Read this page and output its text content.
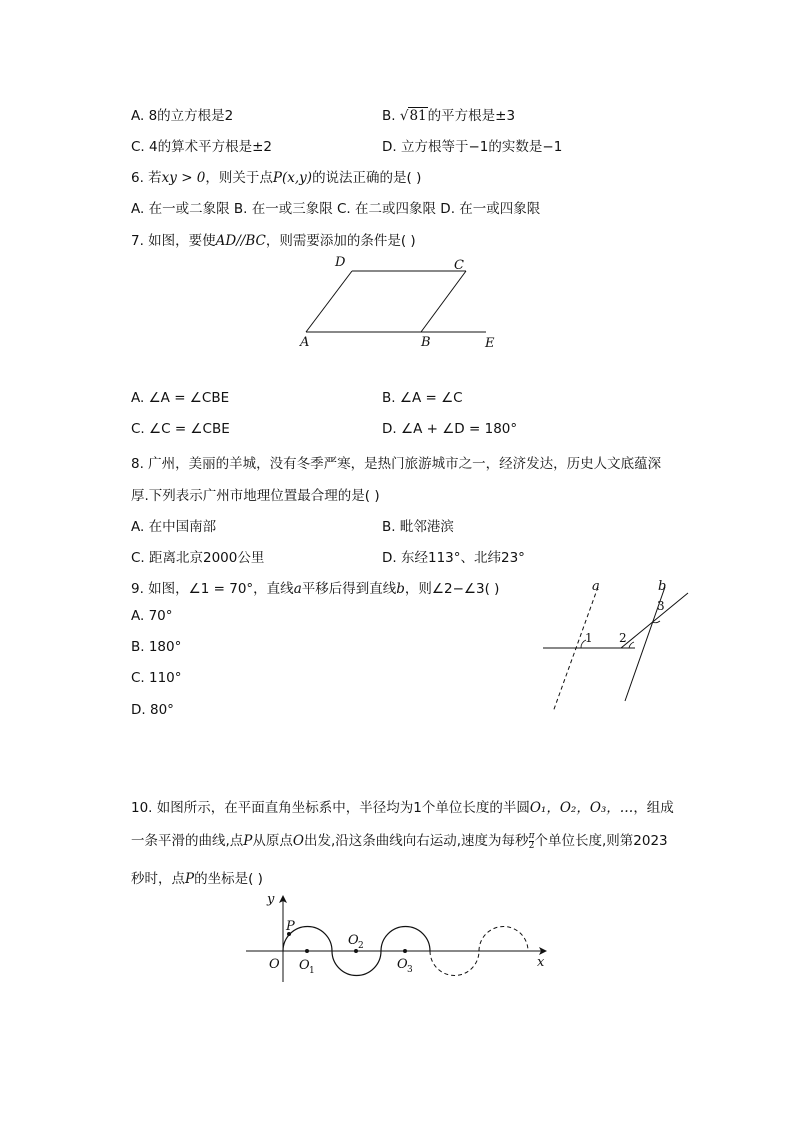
A. 8的立方根是2	B. √81的平方根是±3
C. 4的算术平方根是±2	D. 立方根等于−1的实数是−1
6. 若xy > 0，则关于点P(x,y)的说法正确的是( )
A. 在一或二象限 B. 在一或三象限 C. 在二或四象限 D. 在一或四象限
7. 如图，要使AD//BC，则需要添加的条件是( )
D	C
A	B	E
A. ∠A = ∠CBE	B. ∠A = ∠C
C. ∠C = ∠CBE	D. ∠A + ∠D = 180°
8. 广州，美丽的羊城，没有冬季严寒，是热门旅游城市之一，经济发达，历史人文底蕴深
厚.下列表示广州市地理位置最合理的是( )
A. 在中国南部	B. 毗邻港滨
C. 距离北京2000公里	D. 东经113°、北纬23°
9. 如图，∠1 = 70°，直线a平移后得到直线b，则∠2−∠3( )
A. 70°
B. 180°
C. 110°
D. 80°
a	b
1 2
3
10. 如图所示，在平面直角坐标系中，半径均为1个单位长度的半圆O₁，O₂，O₃，…，组成
一条平滑的曲线,点P从原点O出发,沿这条曲线向右运动,速度为每秒 $\frac{\pi}{2}$ 个单位长度,则第2023
秒时，点P的坐标是( )
y
x
O
P
O 1
O 2
O 3
